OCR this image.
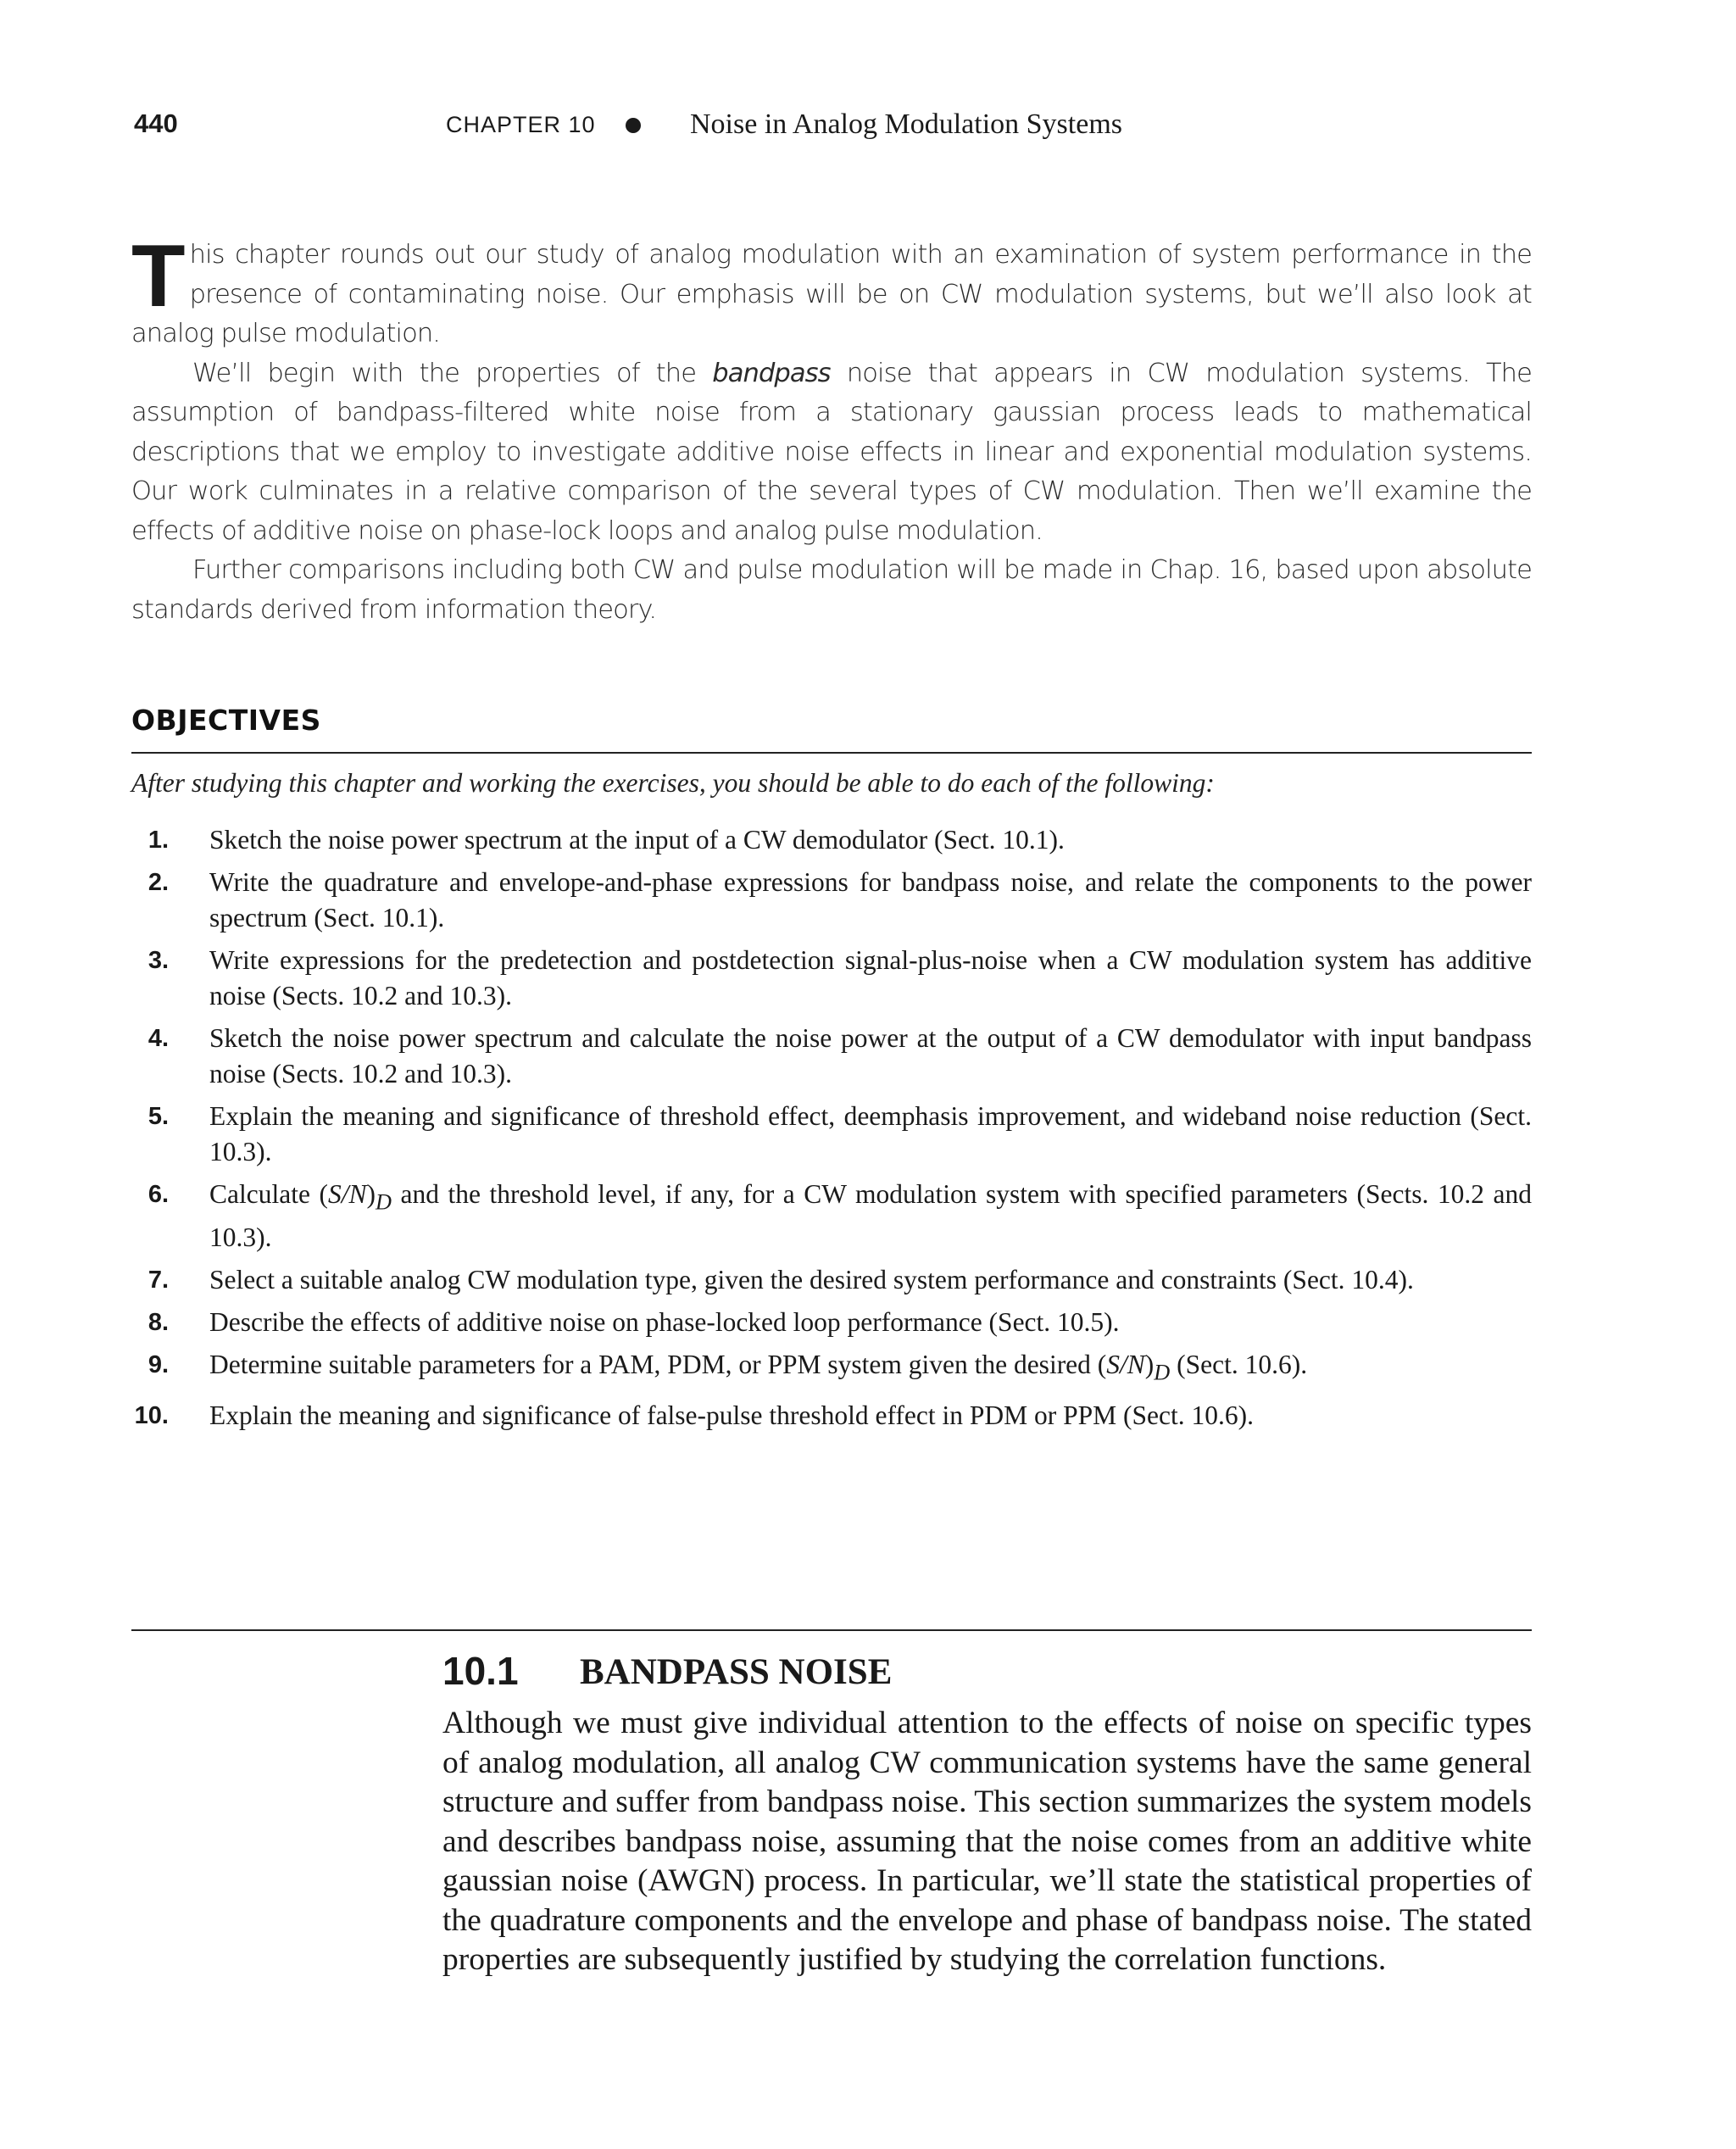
440	CHAPTER 10	Noise in Analog Modulation Systems

This chapter rounds out our study of analog modulation with an examination of system performance in the presence of contaminating noise. Our emphasis will be on CW modulation systems, but we’ll also look at analog pulse modulation.

We’ll begin with the properties of the bandpass noise that appears in CW modulation systems. The assumption of bandpass-filtered white noise from a stationary gaussian process leads to mathematical descriptions that we employ to investigate additive noise effects in linear and exponential modulation systems. Our work culminates in a relative comparison of the several types of CW modulation. Then we’ll examine the effects of additive noise on phase-lock loops and analog pulse modulation.

Further comparisons including both CW and pulse modulation will be made in Chap. 16, based upon absolute standards derived from information theory.

OBJECTIVES
After studying this chapter and working the exercises, you should be able to do each of the following:
1. Sketch the noise power spectrum at the input of a CW demodulator (Sect. 10.1).
2. Write the quadrature and envelope-and-phase expressions for bandpass noise, and relate the components to the power spectrum (Sect. 10.1).
3. Write expressions for the predetection and postdetection signal-plus-noise when a CW modulation system has additive noise (Sects. 10.2 and 10.3).
4. Sketch the noise power spectrum and calculate the noise power at the output of a CW demodulator with input bandpass noise (Sects. 10.2 and 10.3).
5. Explain the meaning and significance of threshold effect, deemphasis improvement, and wideband noise reduction (Sect. 10.3).
6. Calculate $(S/N)_D$ and the threshold level, if any, for a CW modulation system with specified parameters (Sects. 10.2 and 10.3).
7. Select a suitable analog CW modulation type, given the desired system performance and constraints (Sect. 10.4).
8. Describe the effects of additive noise on phase-locked loop performance (Sect. 10.5).
9. Determine suitable parameters for a PAM, PDM, or PPM system given the desired $(S/N)_D$ (Sect. 10.6).
10. Explain the meaning and significance of false-pulse threshold effect in PDM or PPM (Sect. 10.6).
10.1 BANDPASS NOISE

Although we must give individual attention to the effects of noise on specific types of analog modulation, all analog CW communication systems have the same general structure and suffer from bandpass noise. This section summarizes the system models and describes bandpass noise, assuming that the noise comes from an additive white gaussian noise (AWGN) process. In particular, we’ll state the statistical properties of the quadrature components and the envelope and phase of bandpass noise. The stated properties are subsequently justified by studying the correlation functions.
